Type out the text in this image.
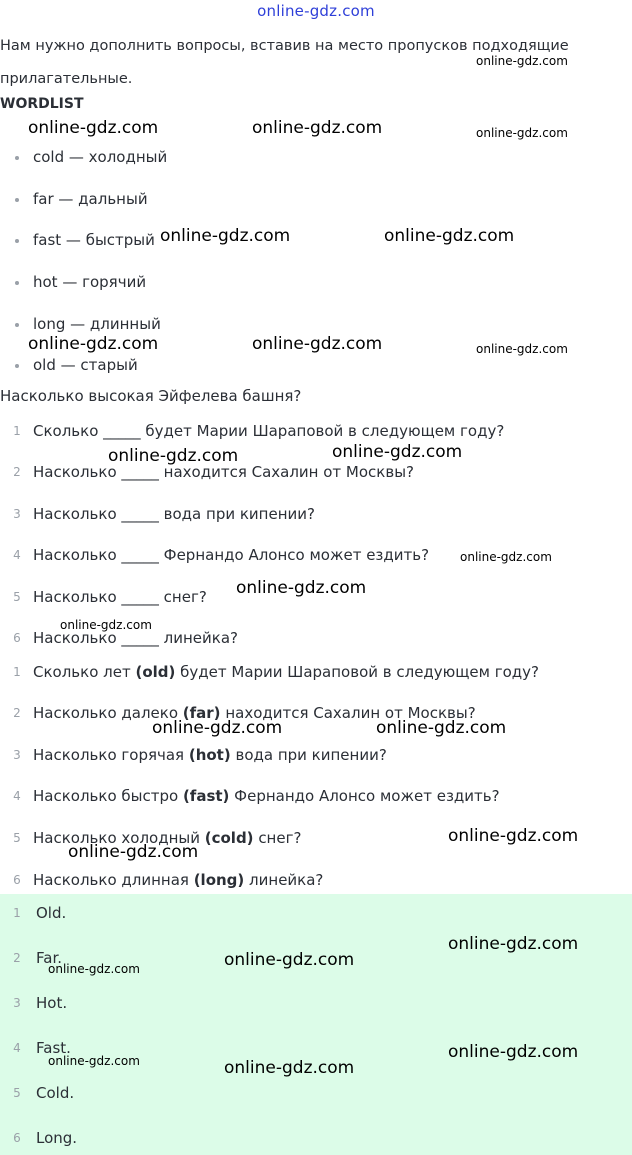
online-gdz.com
Нам нужно дополнить вопросы, вставив на место пропусков подходящие прилагательные.
WORDLIST
cold — холодный
far — дальный
fast — быстрый
hot — горячий
long — длинный
old — старый
Насколько высокая Эйфелева башня?
1 Сколько _____ будет Марии Шараповой в следующем году?
2 Насколько _____ находится Сахалин от Москвы?
3 Насколько _____ вода при кипении?
4 Насколько _____ Фернандо Алонсо может ездить?
5 Насколько _____ снег?
6 Насколько _____ линейка?
1 Сколько лет (old) будет Марии Шараповой в следующем году?
2 Насколько далеко (far) находится Сахалин от Москвы?
3 Насколько горячая (hot) вода при кипении?
4 Насколько быстро (fast) Фернандо Алонсо может ездить?
5 Насколько холодный (cold) снег?
6 Насколько длинная (long) линейка?
1 Old.
2 Far.
3 Hot.
4 Fast.
5 Cold.
6 Long.
online-gdz.com
online-gdz.com	online-gdz.com	online-gdz.com
online-gdz.com	online-gdz.com
online-gdz.com	online-gdz.com	online-gdz.com
online-gdz.com	online-gdz.com
online-gdz.com
online-gdz.com
online-gdz.com
online-gdz.com	online-gdz.com
online-gdz.com
online-gdz.com
online-gdz.com
online-gdz.com
online-gdz.com
online-gdz.com
online-gdz.com
online-gdz.com
